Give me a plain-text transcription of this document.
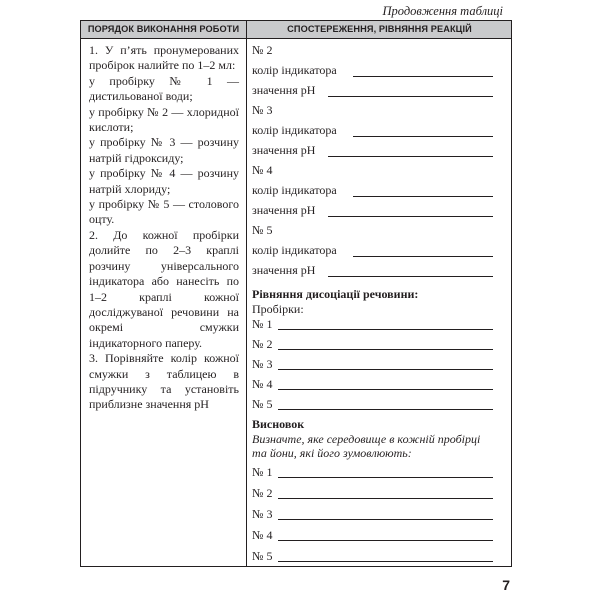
Продовження таблиці
ПОРЯДОК ВИКОНАННЯ РОБОТИ	СПОСТЕРЕЖЕННЯ, РІВНЯННЯ РЕАКЦІЙ

1. У п’ять пронумерованих пробірок налийте по 1–2 мл:

у пробірку № 1 — дистильованої води;

у пробірку № 2 — хлоридної кислоти;

у пробірку № 3 — розчину натрій гідроксиду;

у пробірку № 4 — розчину натрій хлориду;

у пробірку № 5 — столового оцту.

2. До кожної пробірки долийте по 2–3 краплі розчину універсального індикатора або нанесіть по 1–2 краплі кожної досліджуваної речовини на окремі смужки індикаторного паперу.

3. Порівняйте колір кожної смужки з таблицею в підручнику та установіть приблизне значення pH

№ 2
колір індикатора
значення pH
№ 3
колір індикатора
значення pH
№ 4
колір індикатора
значення pH
№ 5
колір індикатора
значення pH
Рівняння дисоціації речовини:
Пробірки:
№ 1
№ 2
№ 3
№ 4
№ 5
Висновок
Визначте, яке середовище в кожній пробірці
та йони, які його зумовлюють:
№ 1
№ 2
№ 3
№ 4
№ 5
7
